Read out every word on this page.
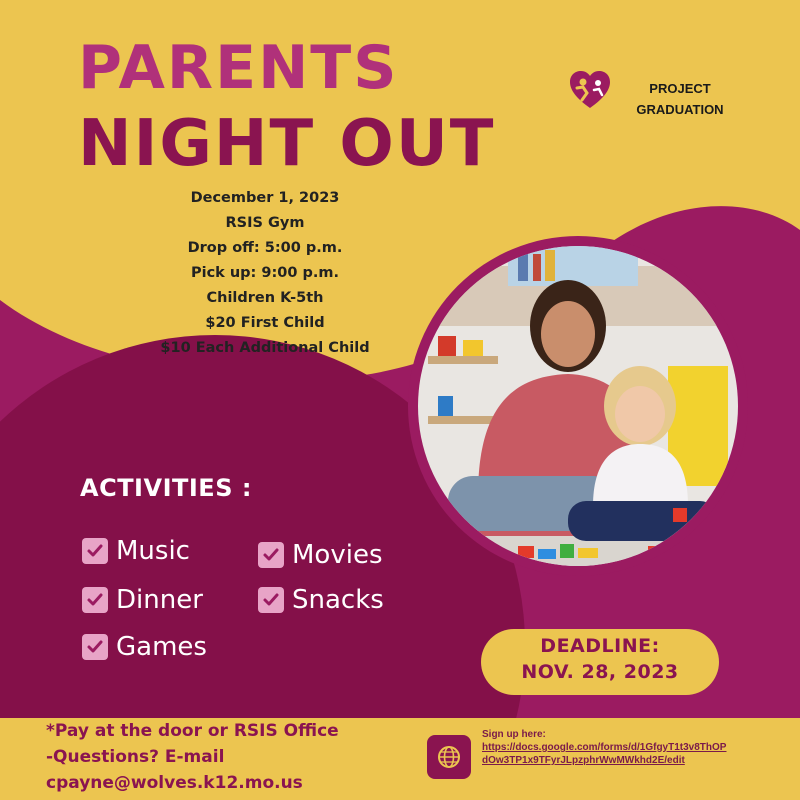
PARENTS
NIGHT OUT
PROJECT
GRADUATION
December 1, 2023
RSIS Gym
Drop off: 5:00 p.m.
Pick up: 9:00 p.m.
Children K-5th
$20 First Child
$10 Each Additional Child
ACTIVITIES :
Music	Movies
Dinner	Snacks
Games	DEADLINE:
NOV. 28, 2023
*Pay at the door or RSIS Office
-Questions? E-mail
cpayne@wolves.k12.mo.us
Sign up here:
https://docs.google.com/forms/d/1GfgyT1t3v8ThOPdOw3TP1x9TFyrJLpzphrWwMWkhd2E/edit
